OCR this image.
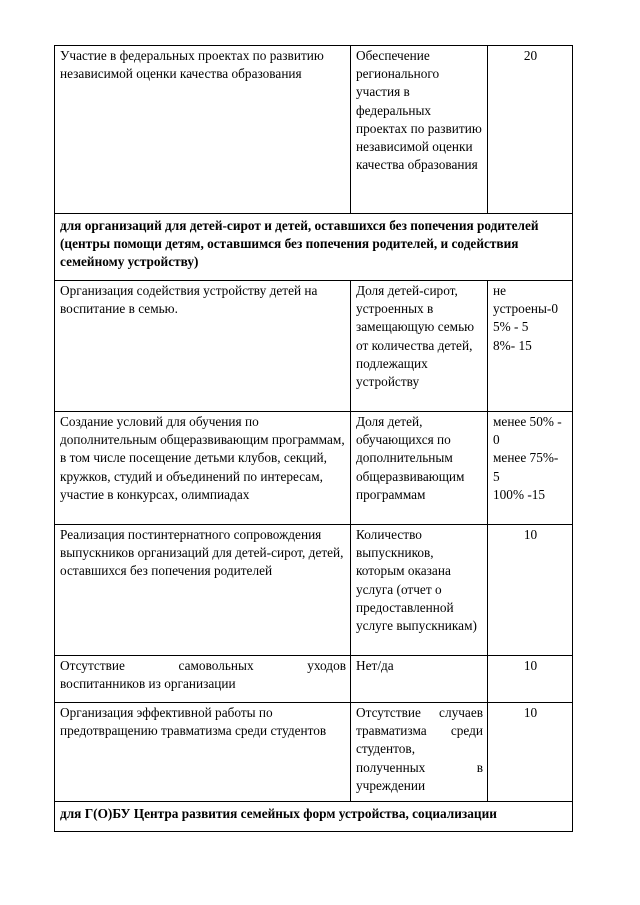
Участие в федеральных проектах по развитию независимой оценки качества образования	Обеспечение регионального участия в федеральных проектах по развитию независимой оценки качества образования	20
для организаций для детей-сирот и детей, оставшихся без попечения родителей (центры помощи детям, оставшимся без попечения родителей, и содействия семейному устройству)		
Организация содействия устройству детей на воспитание в семью.	Доля детей-сирот, устроенных в замещающую семью от количества детей, подлежащих устройству	не устроены-0
5% - 5
8%- 15

Создание условий для обучения по дополнительным общеразвивающим программам, в том числе посещение детьми клубов, секций, кружков, студий и объединений по интересам, участие в конкурсах, олимпиадах	Доля детей, обучающихся по дополнительным общеразвивающим программам	менее 50% - 0
менее 75%- 5
100% -15

Реализация постинтернатного сопровождения выпускников организаций для детей-сирот, детей, оставшихся без попечения родителей	Количество выпускников, которым оказана услуга (отчет о предоставленной услуге выпускникам)	10

Отсутствие самовольных уходов
воспитанников из организации	Нет/да	10
Организация эффективной работы по предотвращению травматизма среди студентов	Отсутствие случаев травматизма среди студентов, полученных в учреждении	10
для Г(О)БУ Центра развития семейных форм устройства, социализации		
